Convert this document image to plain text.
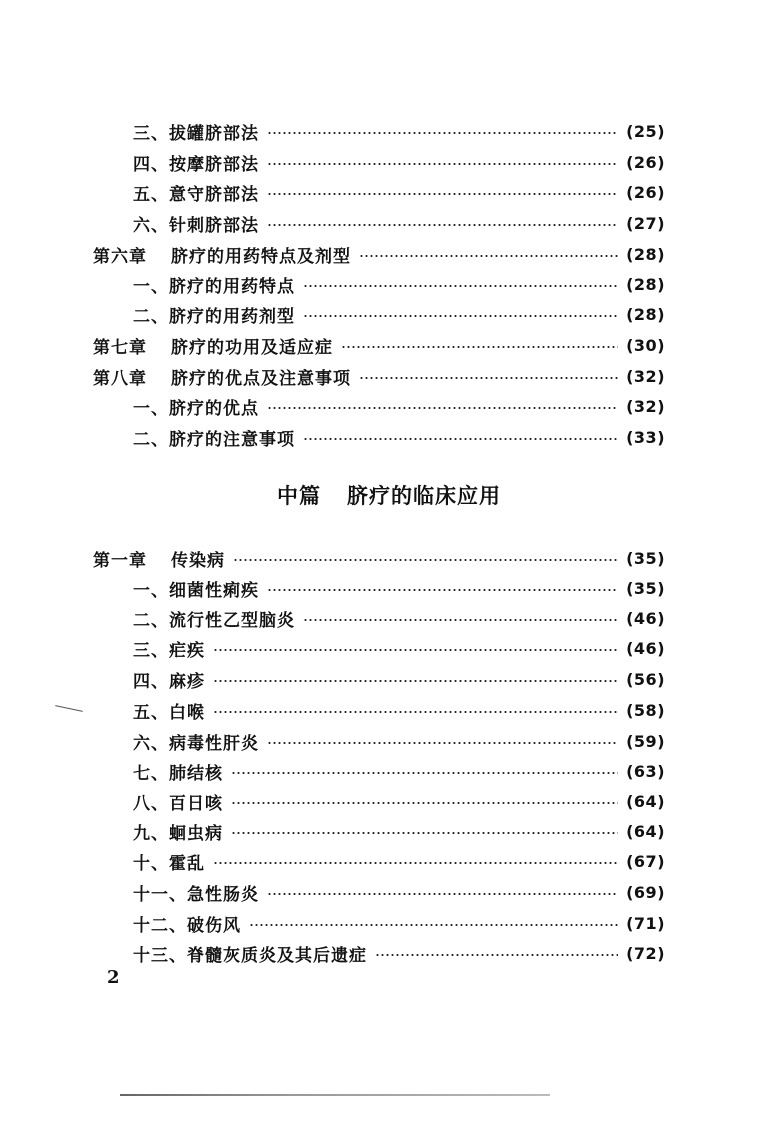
三、 拔罐脐部法	(25)
四、 按摩脐部法	(26)
五、 意守脐部法	(26)
六、 针刺脐部法	(27)
第六章 脐疗的用药特点及剂型	(28)
一、 脐疗的用药特点	(28)
二、 脐疗的用药剂型	(28)
第七章 脐疗的功用及适应症	(30)
第八章 脐疗的优点及注意事项	(32)
一、 脐疗的优点	(32)
二、 脐疗的注意事项	(33)
中篇 脐疗的临床应用
第一章 传染病	(35)
一、 细菌性痢疾	(35)
二、 流行性乙型脑炎	(46)
三、 疟疾	(46)
四、 麻疹	(56)
五、 白喉	(58)
六、 病毒性肝炎	(59)
七、 肺结核	(63)
八、 百日咳	(64)
九、 蛔虫病	(64)
十、 霍乱	(67)
十一、 急性肠炎	(69)
十二、 破伤风	(71)
十三、 脊髓灰质炎及其后遗症	(72)
2
